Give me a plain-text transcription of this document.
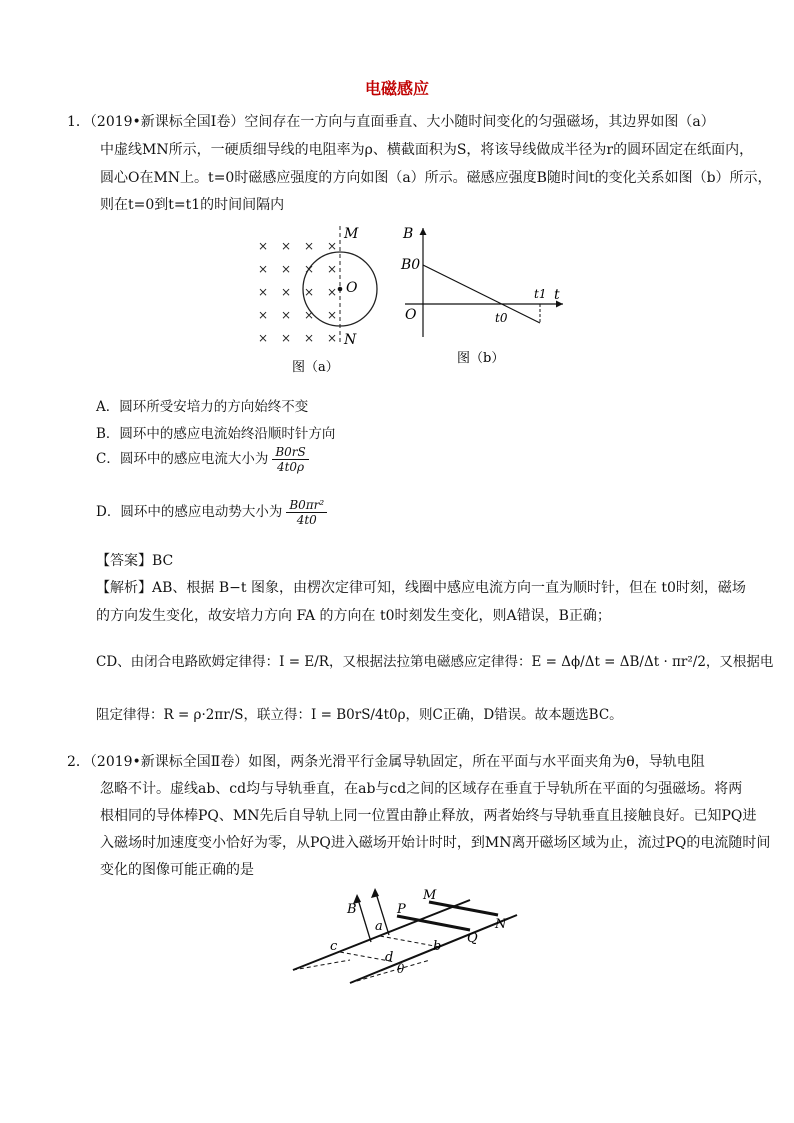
电磁感应
1．（2019•新课标全国Ⅰ卷）空间存在一方向与直面垂直、大小随时间变化的匀强磁场，其边界如图（a）
中虚线MN所示，一硬质细导线的电阻率为ρ、横截面积为S，将该导线做成半径为r的圆环固定在纸面内，
圆心O在MN上。t=0时磁感应强度的方向如图（a）所示。磁感应强度B随时间t的变化关系如图（b）所示，
则在t=0到t=t1的时间间隔内
× × × ×
× × × ×
× × × ×
× × × ×
× × × ×
M
N
O
图（a）
B
B0
O
t
t0
t1
图（b）
A．圆环所受安培力的方向始终不变
B．圆环中的感应电流始终沿顺时针方向
C．圆环中的感应电流大小为 $\frac{B0rS}{4t0\rho}$
D．圆环中的感应电动势大小为 $\frac{\text{B0πr²}}{4t0}$
【答案】BC
【解析】AB、根据 B−t 图象，由楞次定律可知，线圈中感应电流方向一直为顺时针，但在 t0时刻，磁场
的方向发生变化，故安培力方向 FA 的方向在 t0时刻发生变化，则A错误，B正确；
CD、由闭合电路欧姆定律得：I = E/R，又根据法拉第电磁感应定律得：E = Δϕ/Δt = ΔB/Δt · πr²/2，又根据电
阻定律得：R = ρ·2πr/S，联立得：I = B0rS/4t0ρ，则C正确，D错误。故本题选BC。
2．（2019•新课标全国Ⅱ卷）如图，两条光滑平行金属导轨固定，所在平面与水平面夹角为θ，导轨电阻
忽略不计。虚线ab、cd均与导轨垂直，在ab与cd之间的区域存在垂直于导轨所在平面的匀强磁场。将两
根相同的导体棒PQ、MN先后自导轨上同一位置由静止释放，两者始终与导轨垂直且接触良好。已知PQ进
入磁场时加速度变小恰好为零，从PQ进入磁场开始计时时，到MN离开磁场区域为止，流过PQ的电流随时间
变化的图像可能正确的是
B
a
b
c
d
P
Q
M
N
θ
